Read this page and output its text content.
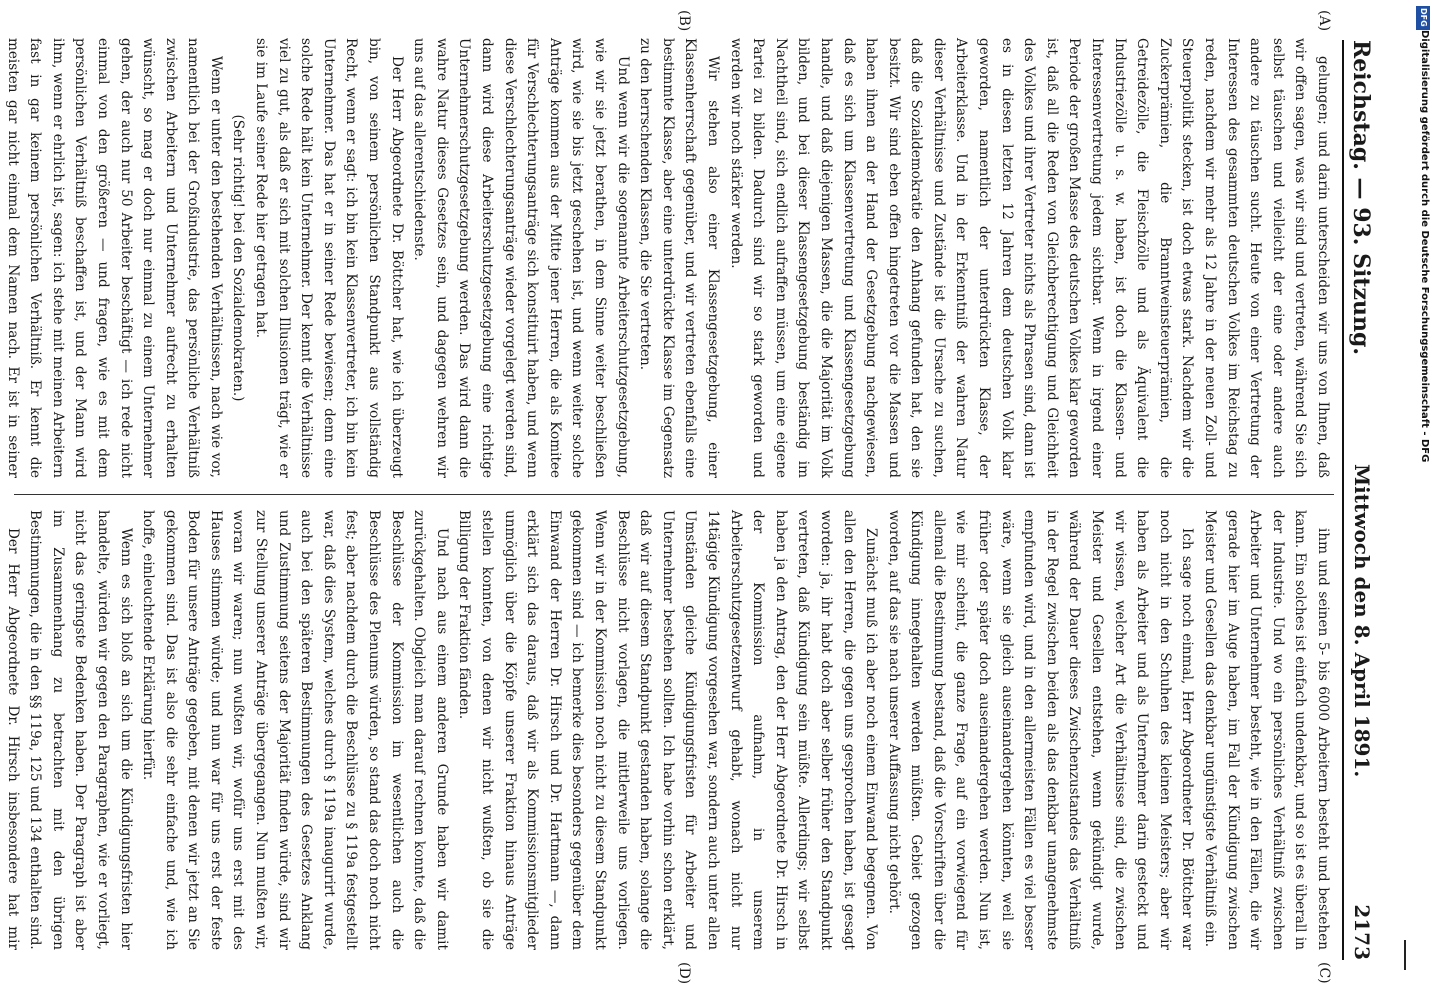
Reichstag. — 93. Sitzung.
Mittwoch den 8. April 1891. 2173

gelungen; und darin unterscheiden wir uns von Ihnen, daß wir offen sagen, was wir sind und vertreten, während Sie sich selbst täuschen und vielleicht der eine oder andere auch andere zu täuschen sucht. Heute von einer Vertretung der Interessen des gesammten deutschen Volkes im Reichstag zu reden, nachdem wir mehr als 12 Jahre in der neuen Zoll- und Steuerpolitik stecken, ist doch etwas stark. Nachdem wir die Zuckerprämien, die Branntweinsteuerprämien, die Getreidezölle, die Fleischzölle und als Äquivalent die Industriezölle u. s. w. haben, ist doch die Klassen- und Interessenvertretung jedem sichtbar. Wenn in irgend einer Periode der großen Masse des deutschen Volkes klar geworden ist, daß all die Reden von Gleichberechtigung und Gleichheit des Volkes und ihrer Vertreter nichts als Phrasen sind, dann ist es in diesen letzten 12 Jahren dem deutschen Volk klar geworden, namentlich der unterdrückten Klasse, der Arbeiterklasse. Und in der Erkenntniß der wahren Natur dieser Verhältnisse und Zustände ist die Ursache zu suchen, daß die Sozialdemokratie den Anhang gefunden hat, den sie besitzt. Wir sind eben offen hingetreten vor die Massen und haben ihnen an der Hand der Gesetzgebung nachgewiesen, daß es sich um Klassenvertretung und Klassengesetzgebung handle, und daß diejenigen Massen, die die Majorität im Volk bilden, und bei dieser Klassengesetzgebung beständig im Nachtheil sind, sich endlich aufraffen müssen, um eine eigene Partei zu bilden. Dadurch sind wir so stark geworden und werden wir noch stärker werden.

Wir stehen also einer Klassengesetzgebung, einer Klassenherrschaft gegenüber, und wir vertreten ebenfalls eine bestimmte Klasse, aber eine unterdrückte Klasse im Gegensatz zu den herrschenden Klassen, die Sie vertreten.

Und wenn wir die sogenannte Arbeiterschutzgesetzgebung, wie wir sie jetzt berathen, in dem Sinne weiter beschließen wird, wie sie bis jetzt geschehen ist, und wenn weiter solche Anträge kommen aus der Mitte jener Herren, die als Komitee für Verschlechterungsanträge sich konstituirt haben, und wenn diese Verschlechterungsanträge wieder vorgelegt werden sind, dann wird diese Arbeiterschutzgesetzgebung eine richtige Unternehmerschutzgesetzgebung werden. Das wird dann die wahre Natur dieses Gesetzes sein, und dagegen wehren wir uns auf das allerentschiedenste.

Der Herr Abgeordnete Dr. Böttcher hat, wie ich überzeugt bin, von seinem persönlichen Standpunkt aus vollständig Recht, wenn er sagt: ich bin kein Klassenvertreter, ich bin kein Unternehmer. Das hat er in seiner Rede bewiesen; denn eine solche Rede hält kein Unternehmer. Der kennt die Verhältnisse viel zu gut, als daß er sich mit solchen Illusionen trägt, wie er sie im Laufe seiner Rede hier getragen hat.

(Sehr richtig! bei den Sozialdemokraten.)

Wenn er unter den bestehenden Verhältnissen, nach wie vor, namentlich bei der Großindustrie, das persönliche Verhältniß zwischen Arbeitern und Unternehmer aufrecht zu erhalten wünscht, so mag er doch nur einmal zu einem Unternehmer gehen, der auch nur 50 Arbeiter beschäftigt — ich rede nicht einmal von den größeren — und fragen, wie es mit dem persönlichen Verhältniß beschaffen ist, und der Mann wird ihm, wenn er ehrlich ist, sagen: ich stehe mit meinen Arbeitern fast in gar keinem persönlichen Verhältniß. Er kennt die meisten gar nicht einmal dem Namen nach. Er ist in seiner

ihm und seinen 5- bis 6000 Arbeitern besteht und bestehen kann. Ein solches ist einfach undenkbar, und so ist es überall in der Industrie. Und wo ein persönliches Verhältniß zwischen Arbeiter und Unternehmer besteht, wie in den Fällen, die wir gerade hier im Auge haben, im Fall der Kündigung zwischen Meister und Gesellen das denkbar ungünstigste Verhältniß ein.

Ich sage noch einmal, Herr Abgeordneter Dr. Böttcher war noch nicht in den Schuhen des kleinen Meisters; aber wir haben als Arbeiter und als Unternehmer darin gesteckt und wir wissen, welcher Art die Verhältnisse sind, die zwischen Meister und Gesellen entstehen, wenn gekündigt wurde, während der Dauer dieses Zwischenzustandes das Verhältniß in der Regel zwischen beiden als das denkbar unangenehmste empfunden wird, und in den allermeisten Fällen es viel besser wäre, wenn sie gleich auseinandergehen könnten, weil sie früher oder später doch auseinandergehen werden. Nun ist, wie mir scheint, die ganze Frage, auf ein vorwiegend für allemal die Bestimmung bestand, daß die Vorschriften über die Kündigung innegehalten werden müßten. Gebiet gezogen worden, auf das sie nach unserer Auffassung nicht gehört.

Zunächst muß ich aber noch einem Einwand begegnen. Von allen den Herren, die gegen uns gesprochen haben, ist gesagt worden: ja, ihr habt doch aber selber früher den Standpunkt vertreten, daß Kündigung sein müßte. Allerdings; wir selbst haben ja den Antrag, den der Herr Abgeordnete Dr. Hirsch in der Kommission aufnahm, in unserem Arbeiterschutzgesetzentwurf gehabt, wonach nicht nur 14tägige Kündigung vorgesehen war, sondern auch unter allen Umständen gleiche Kündigungsfristen für Arbeiter und Unternehmer bestehen sollten. Ich habe vorhin schon erklärt, daß wir auf diesem Standpunkt gestanden haben, solange die Beschlüsse nicht vorlagen, die mittlerweile uns vorliegen. Wenn wir in der Kommission noch nicht zu diesem Standpunkt gekommen sind — ich bemerke dies besonders gegenüber dem Einwand der Herren Dr. Hirsch und Dr. Hartmann —, dann erklärt sich das daraus, daß wir als Kommissionsmitglieder unmöglich über die Köpfe unserer Fraktion hinaus Anträge stellen konnten, von denen wir nicht wußten, ob sie die Billigung der Fraktion fänden.

Und nach aus einem anderen Grunde haben wir damit zurückgehalten. Obgleich man darauf rechnen konnte, daß die Beschlüsse der Kommission im wesentlichen auch die Beschlüsse des Plenums würden, so stand das doch noch nicht fest; aber nachdem durch die Beschlüsse zu § 119a festgestellt war, daß dies System, welches durch § 119a inaugurirt wurde, auch bei den späteren Bestimmungen des Gesetzes Anklang und Zustimmung seitens der Majorität finden würde, sind wir zur Stellung unserer Anträge übergegangen. Nun mußten wir, woran wir waren; nun wußten wir, wofür uns erst mit des Hauses stimmen würde; und nun war für uns erst der feste Boden für unsere Anträge gegeben, mit denen wir jetzt an Sie gekommen sind. Das ist also die sehr einfache und, wie ich hoffe, einleuchtende Erklärung hierfür.

Wenn es sich bloß an sich um die Kündigungsfristen hier handelte, würden wir gegen den Paragraphen, wie er vorliegt, nicht das geringste Bedenken haben. Der Paragraph ist aber im Zusammenhang zu betrachten mit den übrigen Bestimmungen, die in den §§ 119a, 125 und 134 enthalten sind.

Der Herr Abgeordnete Dr. Hirsch insbesondere hat mir

(A)
(B)
(C)
(D)
DFG
Digitalisierung gefördert durch die Deutsche Forschungsgemeinschaft - DFG
